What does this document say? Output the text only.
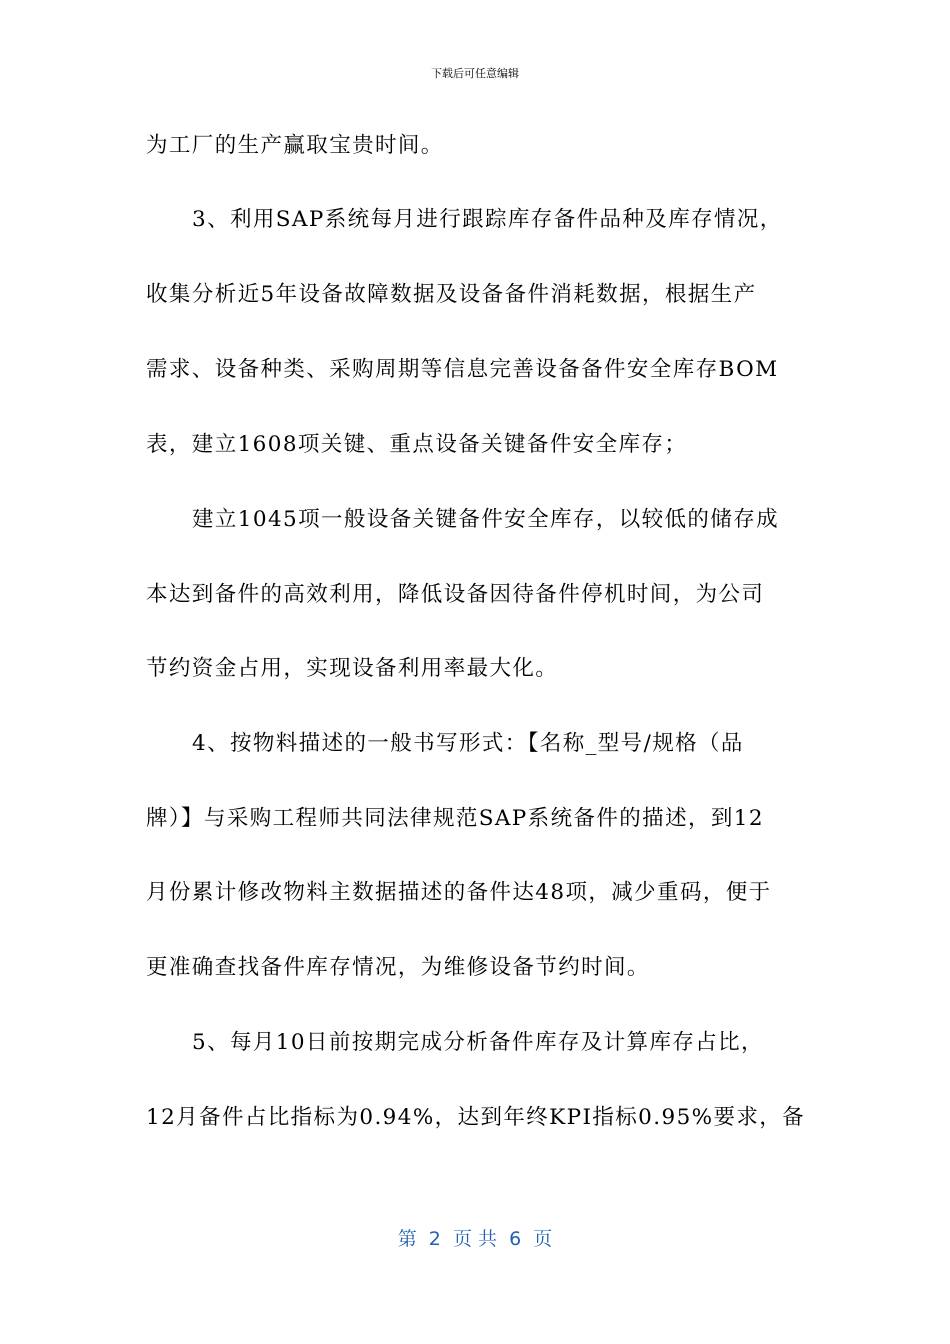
下载后可任意编辑
为工厂的生产赢取宝贵时间。
3、利用SAP系统每月进行跟踪库存备件品种及库存情况，
收集分析近5年设备故障数据及设备备件消耗数据，根据生产
需求、设备种类、采购周期等信息完善设备备件安全库存BOM
表，建立1608项关键、重点设备关键备件安全库存；
建立1045项一般设备关键备件安全库存，以较低的储存成
本达到备件的高效利用，降低设备因待备件停机时间，为公司
节约资金占用，实现设备利用率最大化。
4、按物料描述的一般书写形式：【名称_型号/规格（品
牌）】与采购工程师共同法律规范SAP系统备件的描述，到12
月份累计修改物料主数据描述的备件达48项，减少重码，便于
更准确查找备件库存情况，为维修设备节约时间。
5、每月10日前按期完成分析备件库存及计算库存占比，
12月备件占比指标为0.94%，达到年终KPI指标0.95%要求，备
第  2  页 共  6  页
